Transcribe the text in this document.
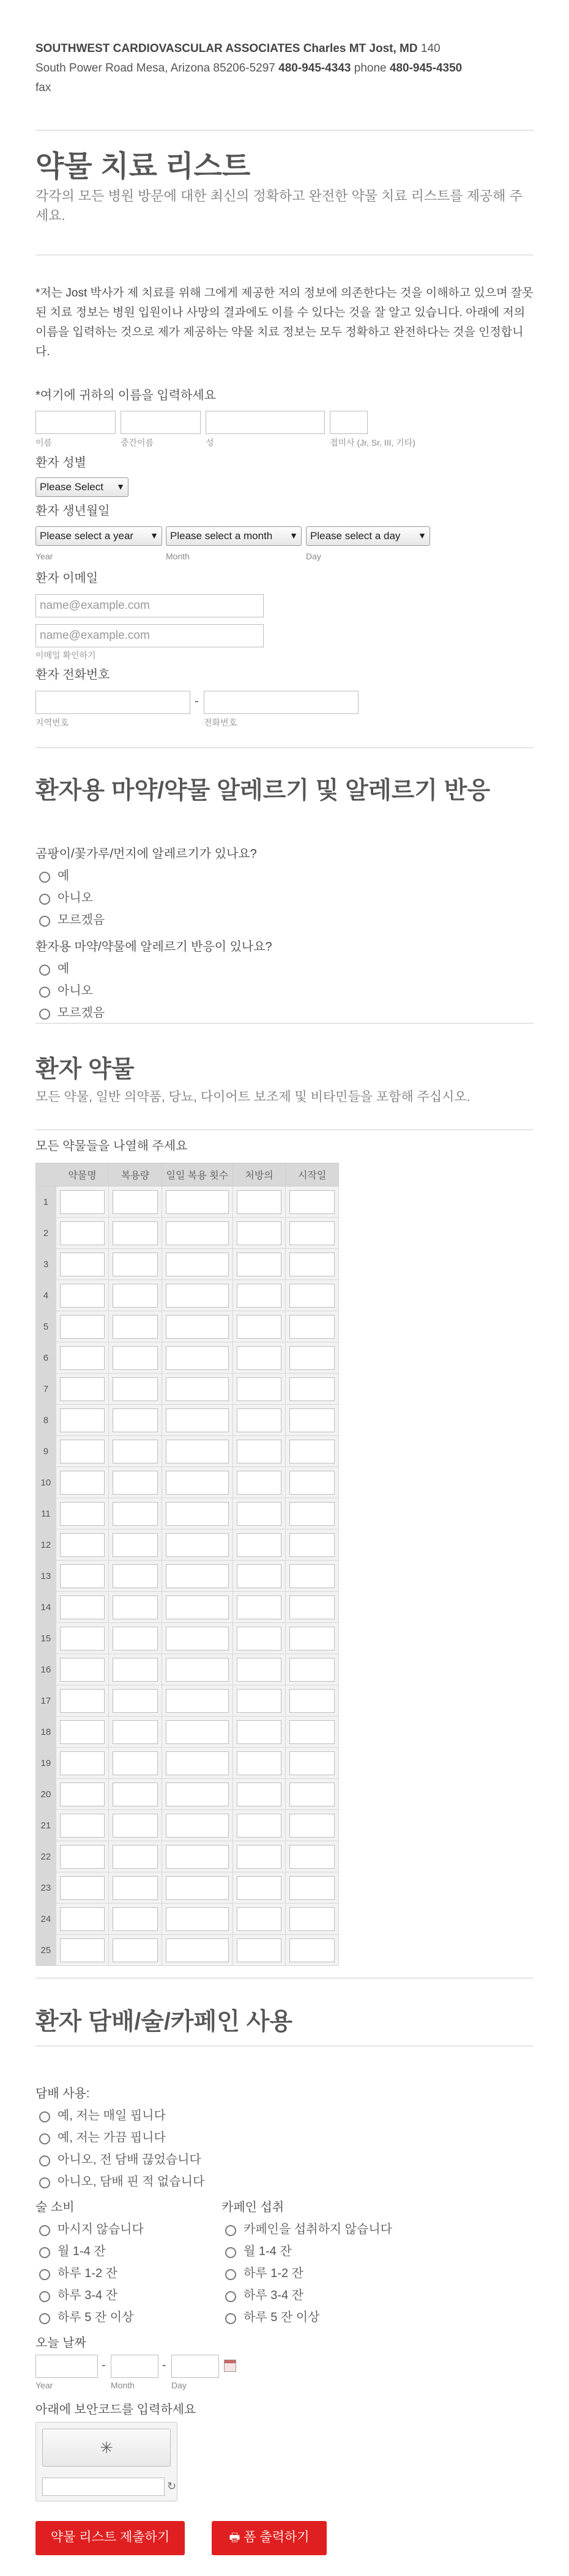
SOUTHWEST CARDIOVASCULAR ASSOCIATES Charles MT Jost, MD 140
South Power Road Mesa, Arizona 85206-5297 480-945-4343 phone 480-945-4350
fax
약물 치료 리스트
각각의 모든 병원 방문에 대한 최신의 정확하고 완전한 약물 치료 리스트를 제공해 주세요.
*저는 Jost 박사가 제 치료를 위해 그에게 제공한 저의 정보에 의존한다는 것을 이해하고 있으며 잘못된 치료 정보는 병원 입원이나 사망의 결과에도 이를 수 있다는 것을 잘 알고 있습니다. 아래에 저의 이름을 입력하는 것으로 제가 제공하는 약물 치료 정보는 모두 정확하고 완전하다는 것을 인정합니다.
*여기에 귀하의 이름을 입력하세요
이름	중간이름	성	접미사 (Jr, Sr, III, 기타)
환자 성별
Please Select ▼
환자 생년월일
Please select a year ▼	Please select a month ▼	Please select a day ▼
Year	Month	Day
환자 이메일
name@example.com
name@example.com
이메일 확인하기
환자 전화번호
-
지역번호	전화번호
환자용 마약/약물 알레르기 및 알레르기 반응
곰팡이/꽃가루/먼지에 알레르기가 있나요?
예
아니오
모르겠음
환자용 마약/약물에 알레르기 반응이 있나요?
예
아니오
모르겠음
환자 약물
모든 약물, 일반 의약품, 당뇨, 다이어트 보조제 및 비타민들을 포함해 주십시오.
모든 약물들을 나열해 주세요
	약물명	복용량	일일 복용 횟수	처방의	시작일
1	

2	

3	

4	

5	

6	

7	

8	

9	

10	

11	

12	

13	

14	

15	

16	

17	

18	

19	

20	

21	

22	

23	

24	

25	

환자 담배/술/카페인 사용
담배 사용:
예, 저는 매일 핍니다
예, 저는 가끔 핍니다
아니오, 전 담배 끊었습니다
아니오, 담배 핀 적 없습니다
술 소비
마시지 않습니다
월 1-4 잔
하루 1-2 잔
하루 3-4 잔
하루 5 잔 이상
카페인 섭취
카페인을 섭취하지 않습니다
월 1-4 잔
하루 1-2 잔
하루 3-4 잔
하루 5 잔 이상
오늘 날짜
-	-
Year	Month	Day
아래에 보안코드를 입력하세요
✳
↻
약물 리스트 제출하기	🖶 폼 출력하기
